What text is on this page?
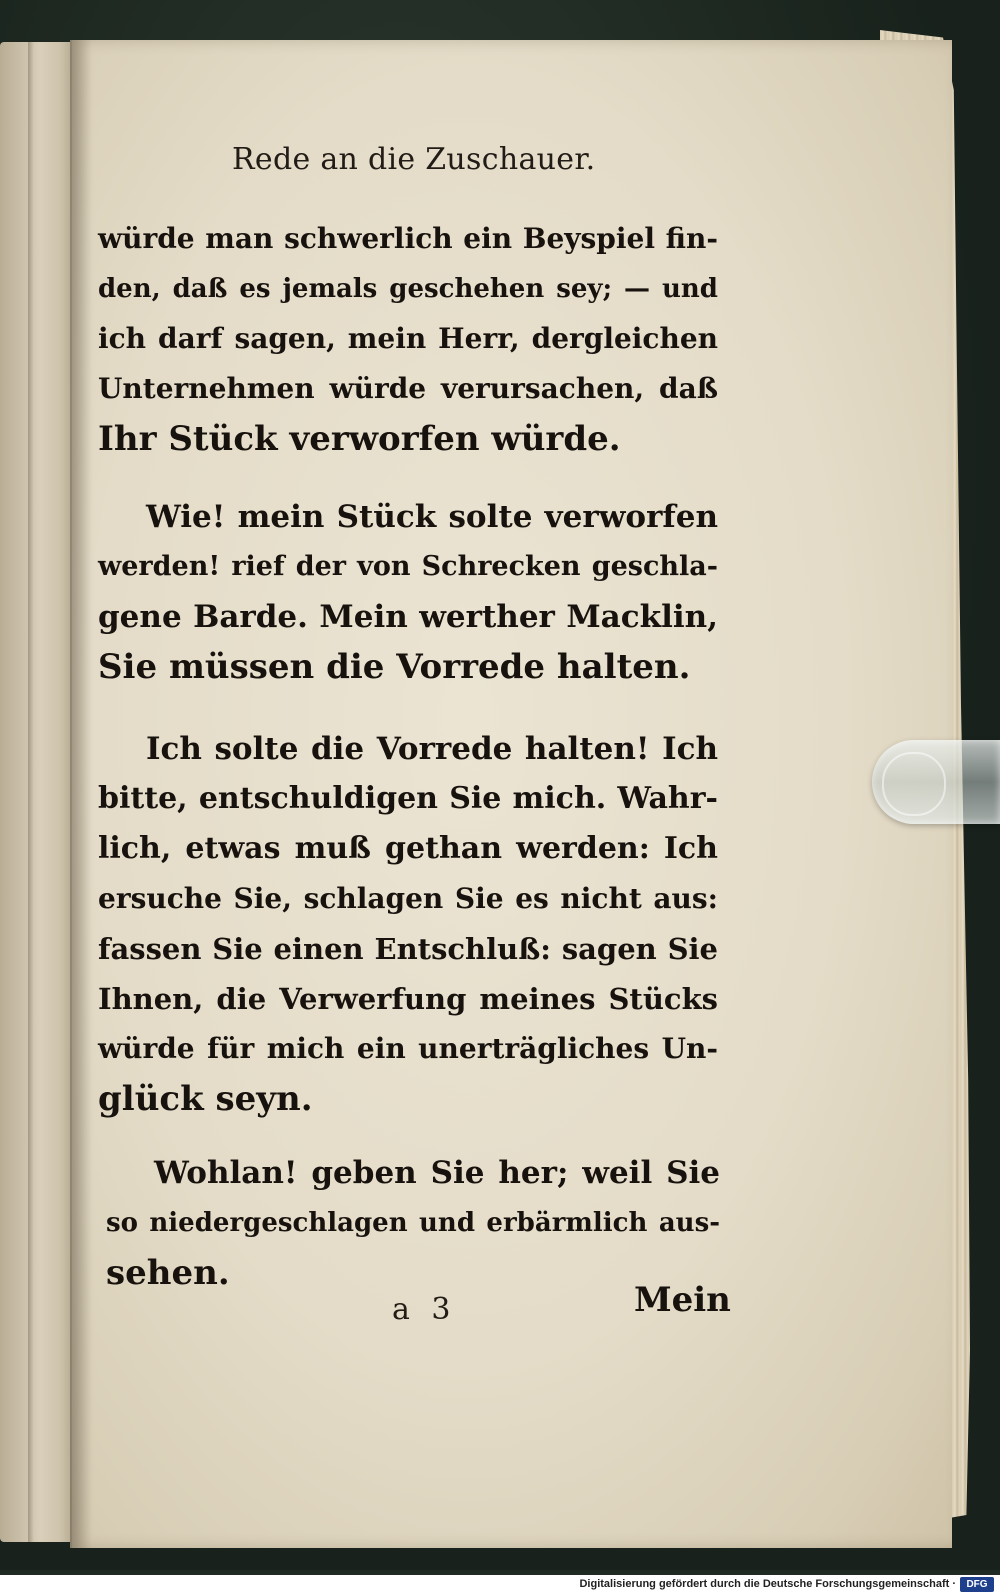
Rede an die Zuschauer.
würde man schwerlich ein Beyspiel fin-
den, daß es jemals geschehen sey; — und
ich darf sagen, mein Herr, dergleichen
Unternehmen würde verursachen, daß
Ihr Stück verworfen würde.
Wie! mein Stück solte verworfen
werden! rief der von Schrecken geschla-
gene Barde. Mein werther Macklin,
Sie müssen die Vorrede halten.
Ich solte die Vorrede halten! Ich
bitte, entschuldigen Sie mich. Wahr-
lich, etwas muß gethan werden: Ich
ersuche Sie, schlagen Sie es nicht aus:
fassen Sie einen Entschluß: sagen Sie
Ihnen, die Verwerfung meines Stücks
würde für mich ein unerträgliches Un-
glück seyn.
Wohlan! geben Sie her; weil Sie
so niedergeschlagen und erbärmlich aus-
sehen.
a 3	Mein
Digitalisierung gefördert durch die Deutsche Forschungsgemeinschaft ·	DFG
